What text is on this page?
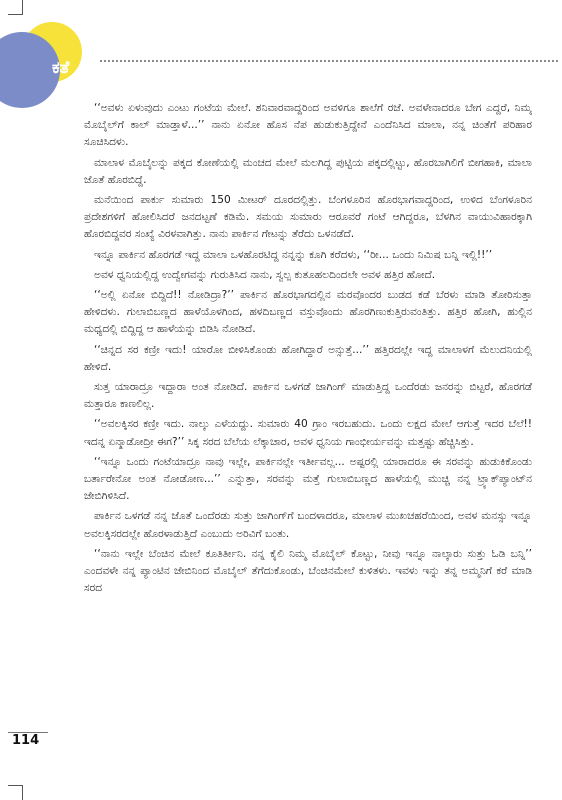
ಕತೆ

‘‘ಅವಳು ಏಳುವುದು ಎಂಟು ಗಂಟೆಯ ಮೇಲೆ. ಶನಿವಾರವಾದ್ದರಿಂದ ಅವಳಿಗೂ ಶಾಲೆಗೆ ರಜೆ. ಅವಳೇನಾದರೂ ಬೇಗ ಎದ್ದರೆ, ನಿಮ್ಮ ಮೊಬೈಲ್‌ಗೆ ಕಾಲ್ ಮಾಡ್ತಾಳೆ...’’ ನಾನು ಏನೋ ಹೊಸ ನೆಪ ಹುಡುಕುತ್ತಿದ್ದೇನೆ ಎಂದೆನಿಸಿದ ಮಾಲಾ, ನನ್ನ ಚಿಂತೆಗೆ ಪರಿಹಾರ ಸೂಚಿಸಿದಳು.

ಮಾಲಾಳ ಮೊಬೈಲನ್ನು ಪಕ್ಕದ ಕೋಣೆಯಲ್ಲಿ ಮಂಚದ ಮೇಲೆ ಮಲಗಿದ್ದ ಪುಟ್ಟಿಯ ಪಕ್ಕದಲ್ಲಿಟ್ಟು, ಹೊರಬಾಗಿಲಿಗೆ ಬೀಗಹಾಕಿ, ಮಾಲಾ ಜೊತೆ ಹೊರಬಿದ್ದೆ.

ಮನೆಯಿಂದ ಪಾರ್ಕು ಸುಮಾರು 150 ಮೀಟರ್ ದೂರದಲ್ಲಿತ್ತು. ಬೆಂಗಳೂರಿನ ಹೊರಭಾಗವಾದ್ದರಿಂದ, ಉಳಿದ ಬೆಂಗಳೂರಿನ ಪ್ರದೇಶಗಳಿಗೆ ಹೋಲಿಸಿದರೆ ಜನದಟ್ಟಣೆ ಕಡಿಮೆ. ಸಮಯ ಸುಮಾರು ಆರೂವರೆ ಗಂಟೆ ಆಗಿದ್ದರೂ, ಬೆಳಗಿನ ವಾಯುವಿಹಾರಕ್ಕಾಗಿ ಹೊರಬಿದ್ದವರ ಸಂಖ್ಯೆ ವಿರಳವಾಗಿತ್ತು. ನಾನು ಪಾರ್ಕಿನ ಗೇಟನ್ನು ತೆರೆದು ಒಳನಡೆದೆ.

ಇನ್ನೂ ಪಾರ್ಕಿನ ಹೊರಗಡೆ ಇದ್ದ ಮಾಲಾ ಒಳಹೊರಟಿದ್ದ ನನ್ನನ್ನು ಕೂಗಿ ಕರೆದಳು, ‘‘ರೀ... ಒಂದು ನಿಮಿಷ ಬನ್ನಿ ಇಲ್ಲಿ!!’’

ಅವಳ ಧ್ವನಿಯಲ್ಲಿದ್ದ ಉದ್ವೇಗವನ್ನು ಗುರುತಿಸಿದ ನಾನು, ಸ್ವಲ್ಪ ಕುತೂಹಲದಿಂದಲೇ ಅವಳ ಹತ್ತಿರ ಹೋದೆ.

‘‘ಅಲ್ಲಿ ಏನೋ ಬಿದ್ದಿದೆ!! ನೋಡಿದ್ರಾ?’’ ಪಾರ್ಕಿನ ಹೊರಭಾಗದಲ್ಲಿನ ಮರವೊಂದರ ಬುಡದ ಕಡೆ ಬೆರಳು ಮಾಡಿ ತೋರಿಸುತ್ತಾ ಹೇಳಿದಳು. ಗುಲಾಬಿಬಣ್ಣದ ಹಾಳೆಯೊಳಗಿಂದ, ಹಳದಿಬಣ್ಣದ ವಸ್ತುವೊಂದು ಹೊರಗಿಣುಕುತ್ತಿರುವಂತಿತ್ತು. ಹತ್ತಿರ ಹೋಗಿ, ಹುಲ್ಲಿನ ಮಧ್ಯದಲ್ಲಿ ಬಿದ್ದಿದ್ದ ಆ ಹಾಳೆಯನ್ನು ಬಿಡಿಸಿ ನೋಡಿದೆ.

‘‘ಚಿನ್ನದ ಸರ ಕಣ್ರೀ ಇದು! ಯಾರೋ ಬೀಳಿಸಿಕೊಂಡು ಹೋಗಿದ್ದಾರೆ ಅನ್ಸುತ್ತೆ...’’ ಹತ್ತಿರದಲ್ಲೇ ಇದ್ದ ಮಾಲಾಳಗೆ ಮೆಲುದನಿಯಲ್ಲಿ ಹೇಳಿದೆ.

ಸುತ್ತ ಯಾರಾದ್ರೂ ಇದ್ದಾರಾ ಅಂತ ನೋಡಿದೆ. ಪಾರ್ಕಿನ ಒಳಗಡೆ ಜಾಗಿಂಗ್ ಮಾಡುತ್ತಿದ್ದ ಒಂದೆರಡು ಜನರನ್ನು ಬಿಟ್ಟರೆ, ಹೊರಗಡೆ ಮತ್ತಾರೂ ಕಾಣಲಿಲ್ಲ.

‘‘ಅವಲಕ್ಕಿಸರ ಕಣ್ರೀ ಇದು. ನಾಲ್ಕು ಎಳೆಯದ್ದು. ಸುಮಾರು 40 ಗ್ರಾಂ ಇರಬಹುದು. ಒಂದು ಲಕ್ಷದ ಮೇಲೆ ಆಗುತ್ತೆ ಇದರ ಬೆಲೆ!! ಇದನ್ನ ಏನ್ಮಾಡೋದ್ರೀ ಈಗ?’’ ಸಿಕ್ಕ ಸರದ ಬೆಲೆಯ ಲೆಕ್ಕಾಚಾರ, ಅವಳ ಧ್ವನಿಯ ಗಾಂಭೀರ್ಯವನ್ನು ಮತ್ತಷ್ಟು ಹೆಚ್ಚಿಸಿತ್ತು.

‘‘ಇನ್ನೂ ಒಂದು ಗಂಟೆಯಾದ್ರೂ ನಾವು ಇಲ್ಲೇ, ಪಾರ್ಕಿನಲ್ಲೇ ಇರ್ತೀವಲ್ಲ... ಅಷ್ಟರಲ್ಲಿ ಯಾರಾದರೂ ಈ ಸರವನ್ನು ಹುಡುಕಿಕೊಂಡು ಬರ್ತಾರೇನೋ ಅಂತ ನೋಡೋಣ...’’ ಎನ್ನುತ್ತಾ, ಸರವನ್ನು ಮತ್ತೆ ಗುಲಾಬಿಬಣ್ಣದ ಹಾಳೆಯಲ್ಲಿ ಮುಚ್ಚಿ ನನ್ನ ಟ್ರ್ಯಾಕ್‌ಪ್ಯಾಂಟ್‌ನ ಜೇಬಿಗಿಳಿಸಿದೆ.

ಪಾರ್ಕಿನ ಒಳಗಡೆ ನನ್ನ ಜೊತೆ ಒಂದೆರಡು ಸುತ್ತು ಜಾಗಿಂಗ್‌ಗೆ ಬಂದಳಾದರೂ, ಮಾಲಾಳ ಮುಖಚಹರೆಯಿಂದ, ಅವಳ ಮನಸ್ಸು ಇನ್ನೂ ಅವಲಕ್ಕಿಸರದಲ್ಲೇ ಹೊರಳಾಡುತ್ತಿದೆ ಎಂಬುದು ಅರಿವಿಗೆ ಬಂತು.

‘‘ನಾನು ಇಲ್ಲೇ ಬೆಂಚಿನ ಮೇಲೆ ಕೂತಿರ್ತೀನಿ. ನನ್ನ ಕೈಲಿ ನಿಮ್ಮ ಮೊಬೈಲ್ ಕೊಟ್ಟು, ನೀವು ಇನ್ನೂ ನಾಲ್ಕಾರು ಸುತ್ತು ಓಡಿ ಬನ್ನಿ’’ ಎಂದವಳೇ ನನ್ನ ಪ್ಯಾಂಟಿನ ಜೇಬಿನಿಂದ ಮೊಬೈಲ್ ತೆಗೆದುಕೊಂಡು, ಬೆಂಚಿನಮೇಲೆ ಕುಳಿತಳು. ಇವಳು ಇನ್ನು ತನ್ನ ಅಮ್ಮನಿಗೆ ಕರೆ ಮಾಡಿ ಸರದ

114
